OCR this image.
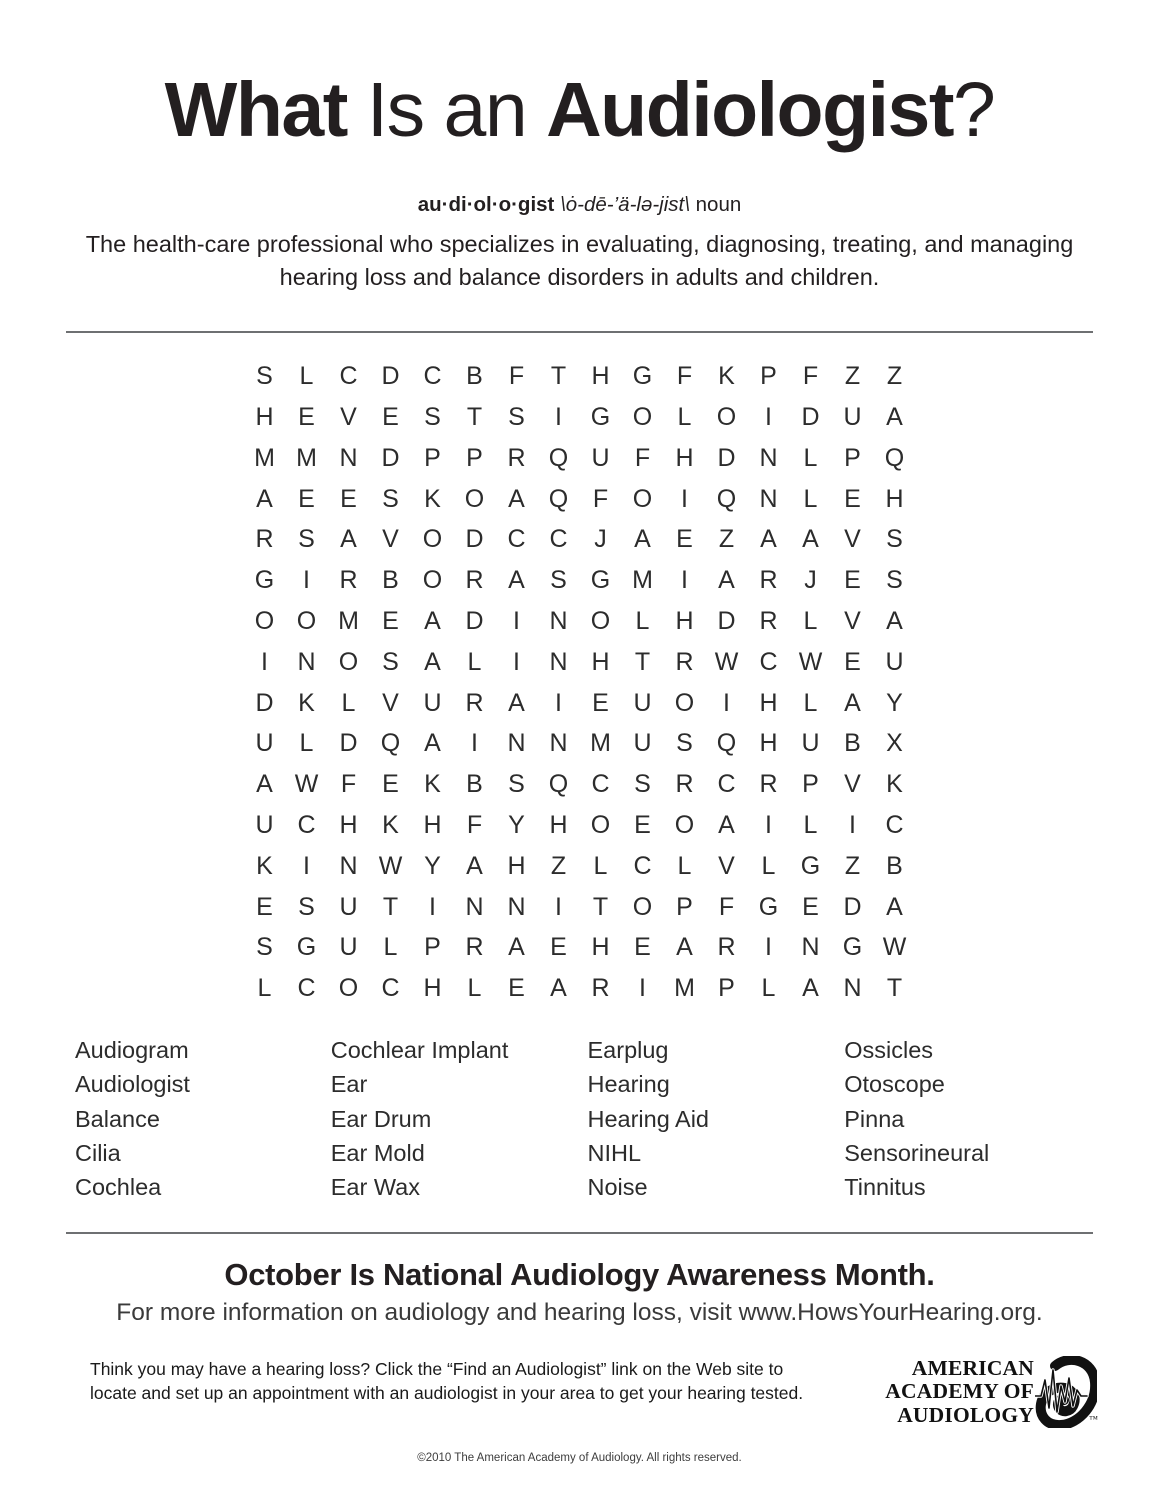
What Is an Audiologist?
au·di·ol·o·gist \ȯ-dē-’ä-lə-jist\ noun
The health-care professional who specializes in evaluating, diagnosing, treating, and managing hearing loss and balance disorders in adults and children.
S	L	C	D	C	B	F	T	H	G	F	K	P	F	Z	Z
H	E	V	E	S	T	S	I	G	O	L	O	I	D	U	A
M	M	N	D	P	P	R	Q	U	F	H	D	N	L	P	Q
A	E	E	S	K	O	A	Q	F	O	I	Q	N	L	E	H
R	S	A	V	O	D	C	C	J	A	E	Z	A	A	V	S
G	I	R	B	O	R	A	S	G	M	I	A	R	J	E	S
O	O	M	E	A	D	I	N	O	L	H	D	R	L	V	A
I	N	O	S	A	L	I	N	H	T	R	W	C	W	E	U
D	K	L	V	U	R	A	I	E	U	O	I	H	L	A	Y
U	L	D	Q	A	I	N	N	M	U	S	Q	H	U	B	X
A	W	F	E	K	B	S	Q	C	S	R	C	R	P	V	K
U	C	H	K	H	F	Y	H	O	E	O	A	I	L	I	C
K	I	N	W	Y	A	H	Z	L	C	L	V	L	G	Z	B
E	S	U	T	I	N	N	I	T	O	P	F	G	E	D	A
S	G	U	L	P	R	A	E	H	E	A	R	I	N	G	W
L	C	O	C	H	L	E	A	R	I	M	P	L	A	N	T
Audiogram
Audiologist
Balance
Cilia
Cochlea
Cochlear Implant
Ear
Ear Drum
Ear Mold
Ear Wax
Earplug
Hearing
Hearing Aid
NIHL
Noise
Ossicles
Otoscope
Pinna
Sensorineural
Tinnitus
October Is National Audiology Awareness Month.
For more information on audiology and hearing loss, visit www.HowsYourHearing.org.
Think you may have a hearing loss? Click the “Find an Audiologist” link on the Web site to
locate and set up an appointment with an audiologist in your area to get your hearing tested.
AMERICAN
ACADEMY OF
AUDIOLOGY	™
©2010 The American Academy of Audiology. All rights reserved.
